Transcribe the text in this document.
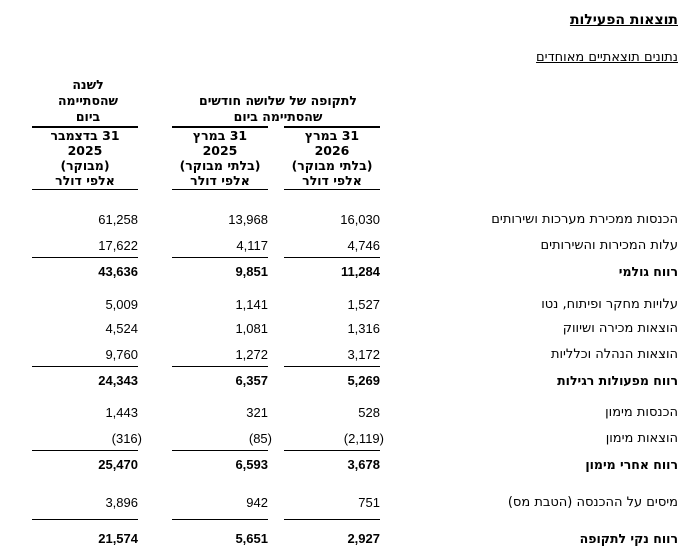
תוצאות הפעילות
נתונים תוצאתיים מאוחדים
לתקופה של שלושה חודשים
שהסתיימה ביום
לשנה
שהסתיימה
ביום
31 במרץ
2026
(בלתי מבוקר)
אלפי דולר
31 במרץ
2025
(בלתי מבוקר)
אלפי דולר
31 בדצמבר
2025
(מבוקר)
אלפי דולר
הכנסות ממכירת מערכות ושירותים
16,030
13,968
61,258
עלות המכירות והשירותים
4,746
4,117
17,622
רווח גולמי
11,284
9,851
43,636
עלויות מחקר ופיתוח, נטו
1,527
1,141
5,009
הוצאות מכירה ושיווק
1,316
1,081
4,524
הוצאות הנהלה וכלליות
3,172
1,272
9,760
רווח מפעולות רגילות
5,269
6,357
24,343
הכנסות מימון
528
321
1,443
הוצאות מימון
(2,119)
(85)
(316)
רווח אחרי מימון
3,678
6,593
25,470
מיסים על ההכנסה (הטבת מס)
751
942
3,896
רווח נקי לתקופה
2,927
5,651
21,574
